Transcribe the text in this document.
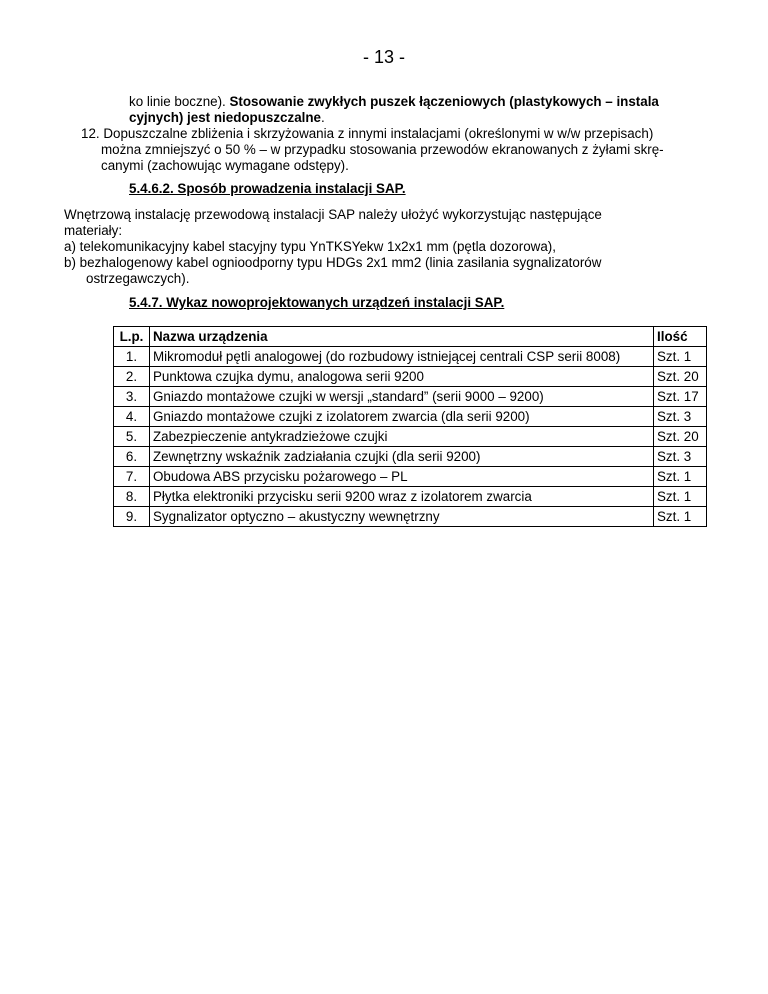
- 13 -
ko linie boczne). Stosowanie zwykłych puszek łączeniowych (plastykowych – instala
cyjnych) jest niedopuszczalne.
12. Dopuszczalne zbliżenia i skrzyżowania z innymi instalacjami (określonymi w w/w przepisach)
można zmniejszyć o 50 % – w przypadku stosowania przewodów ekranowanych z żyłami skrę-
canymi (zachowując wymagane odstępy).
5.4.6.2. Sposób prowadzenia instalacji SAP.
Wnętrzową instalację przewodową instalacji SAP należy ułożyć wykorzystując następujące
materiały:
a) telekomunikacyjny kabel stacyjny typu YnTKSYekw 1x2x1 mm (pętla dozorowa),
b) bezhalogenowy kabel ognioodporny typu HDGs 2x1 mm2 (linia zasilania sygnalizatorów
ostrzegawczych).
5.4.7. Wykaz nowoprojektowanych urządzeń instalacji SAP.
L.p.	Nazwa urządzenia	Ilość
1.	Mikromoduł pętli analogowej (do rozbudowy istniejącej centrali CSP serii 8008)	Szt. 1
2.	Punktowa czujka dymu, analogowa serii 9200	Szt. 20
3.	Gniazdo montażowe czujki w wersji „standard” (serii 9000 – 9200)	Szt. 17
4.	Gniazdo montażowe czujki z izolatorem zwarcia (dla serii 9200)	Szt. 3
5.	Zabezpieczenie antykradzieżowe czujki	Szt. 20
6.	Zewnętrzny wskaźnik zadziałania czujki (dla serii 9200)	Szt. 3
7.	Obudowa ABS przycisku pożarowego – PL	Szt. 1
8.	Płytka elektroniki przycisku serii 9200 wraz z izolatorem zwarcia	Szt. 1
9.	Sygnalizator optyczno – akustyczny wewnętrzny	Szt. 1
